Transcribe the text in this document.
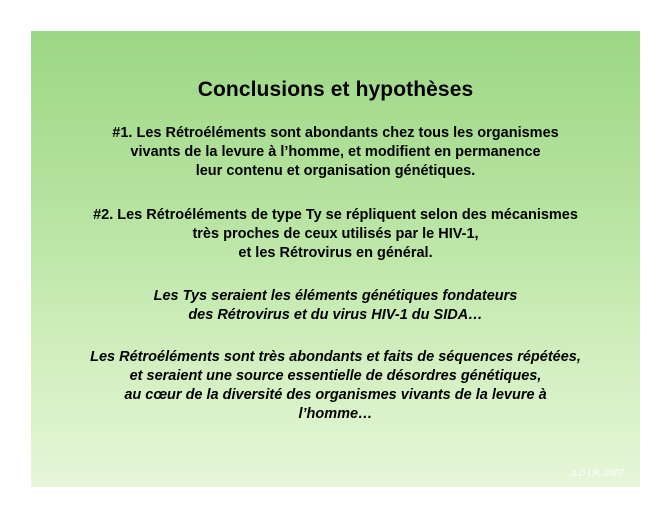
Conclusions et hypothèses
#1. Les Rétroéléments sont abondants chez tous les organismes
vivants de la levure à l’homme, et modifient en permanence
leur contenu et organisation génétiques.
#2. Les Rétroéléments de type Ty se répliquent selon des mécanismes
très proches de ceux utilisés par le HIV-1,
et les Rétrovirus en général.
Les Tys seraient les éléments génétiques fondateurs
des Rétrovirus et du virus HIV-1 du SIDA…
Les Rétroéléments sont très abondants et faits de séquences répétées,
et seraient une source essentielle de désordres génétiques,
au cœur de la diversité des organismes vivants de la levure à
l’homme…
JLD LR, 2007
